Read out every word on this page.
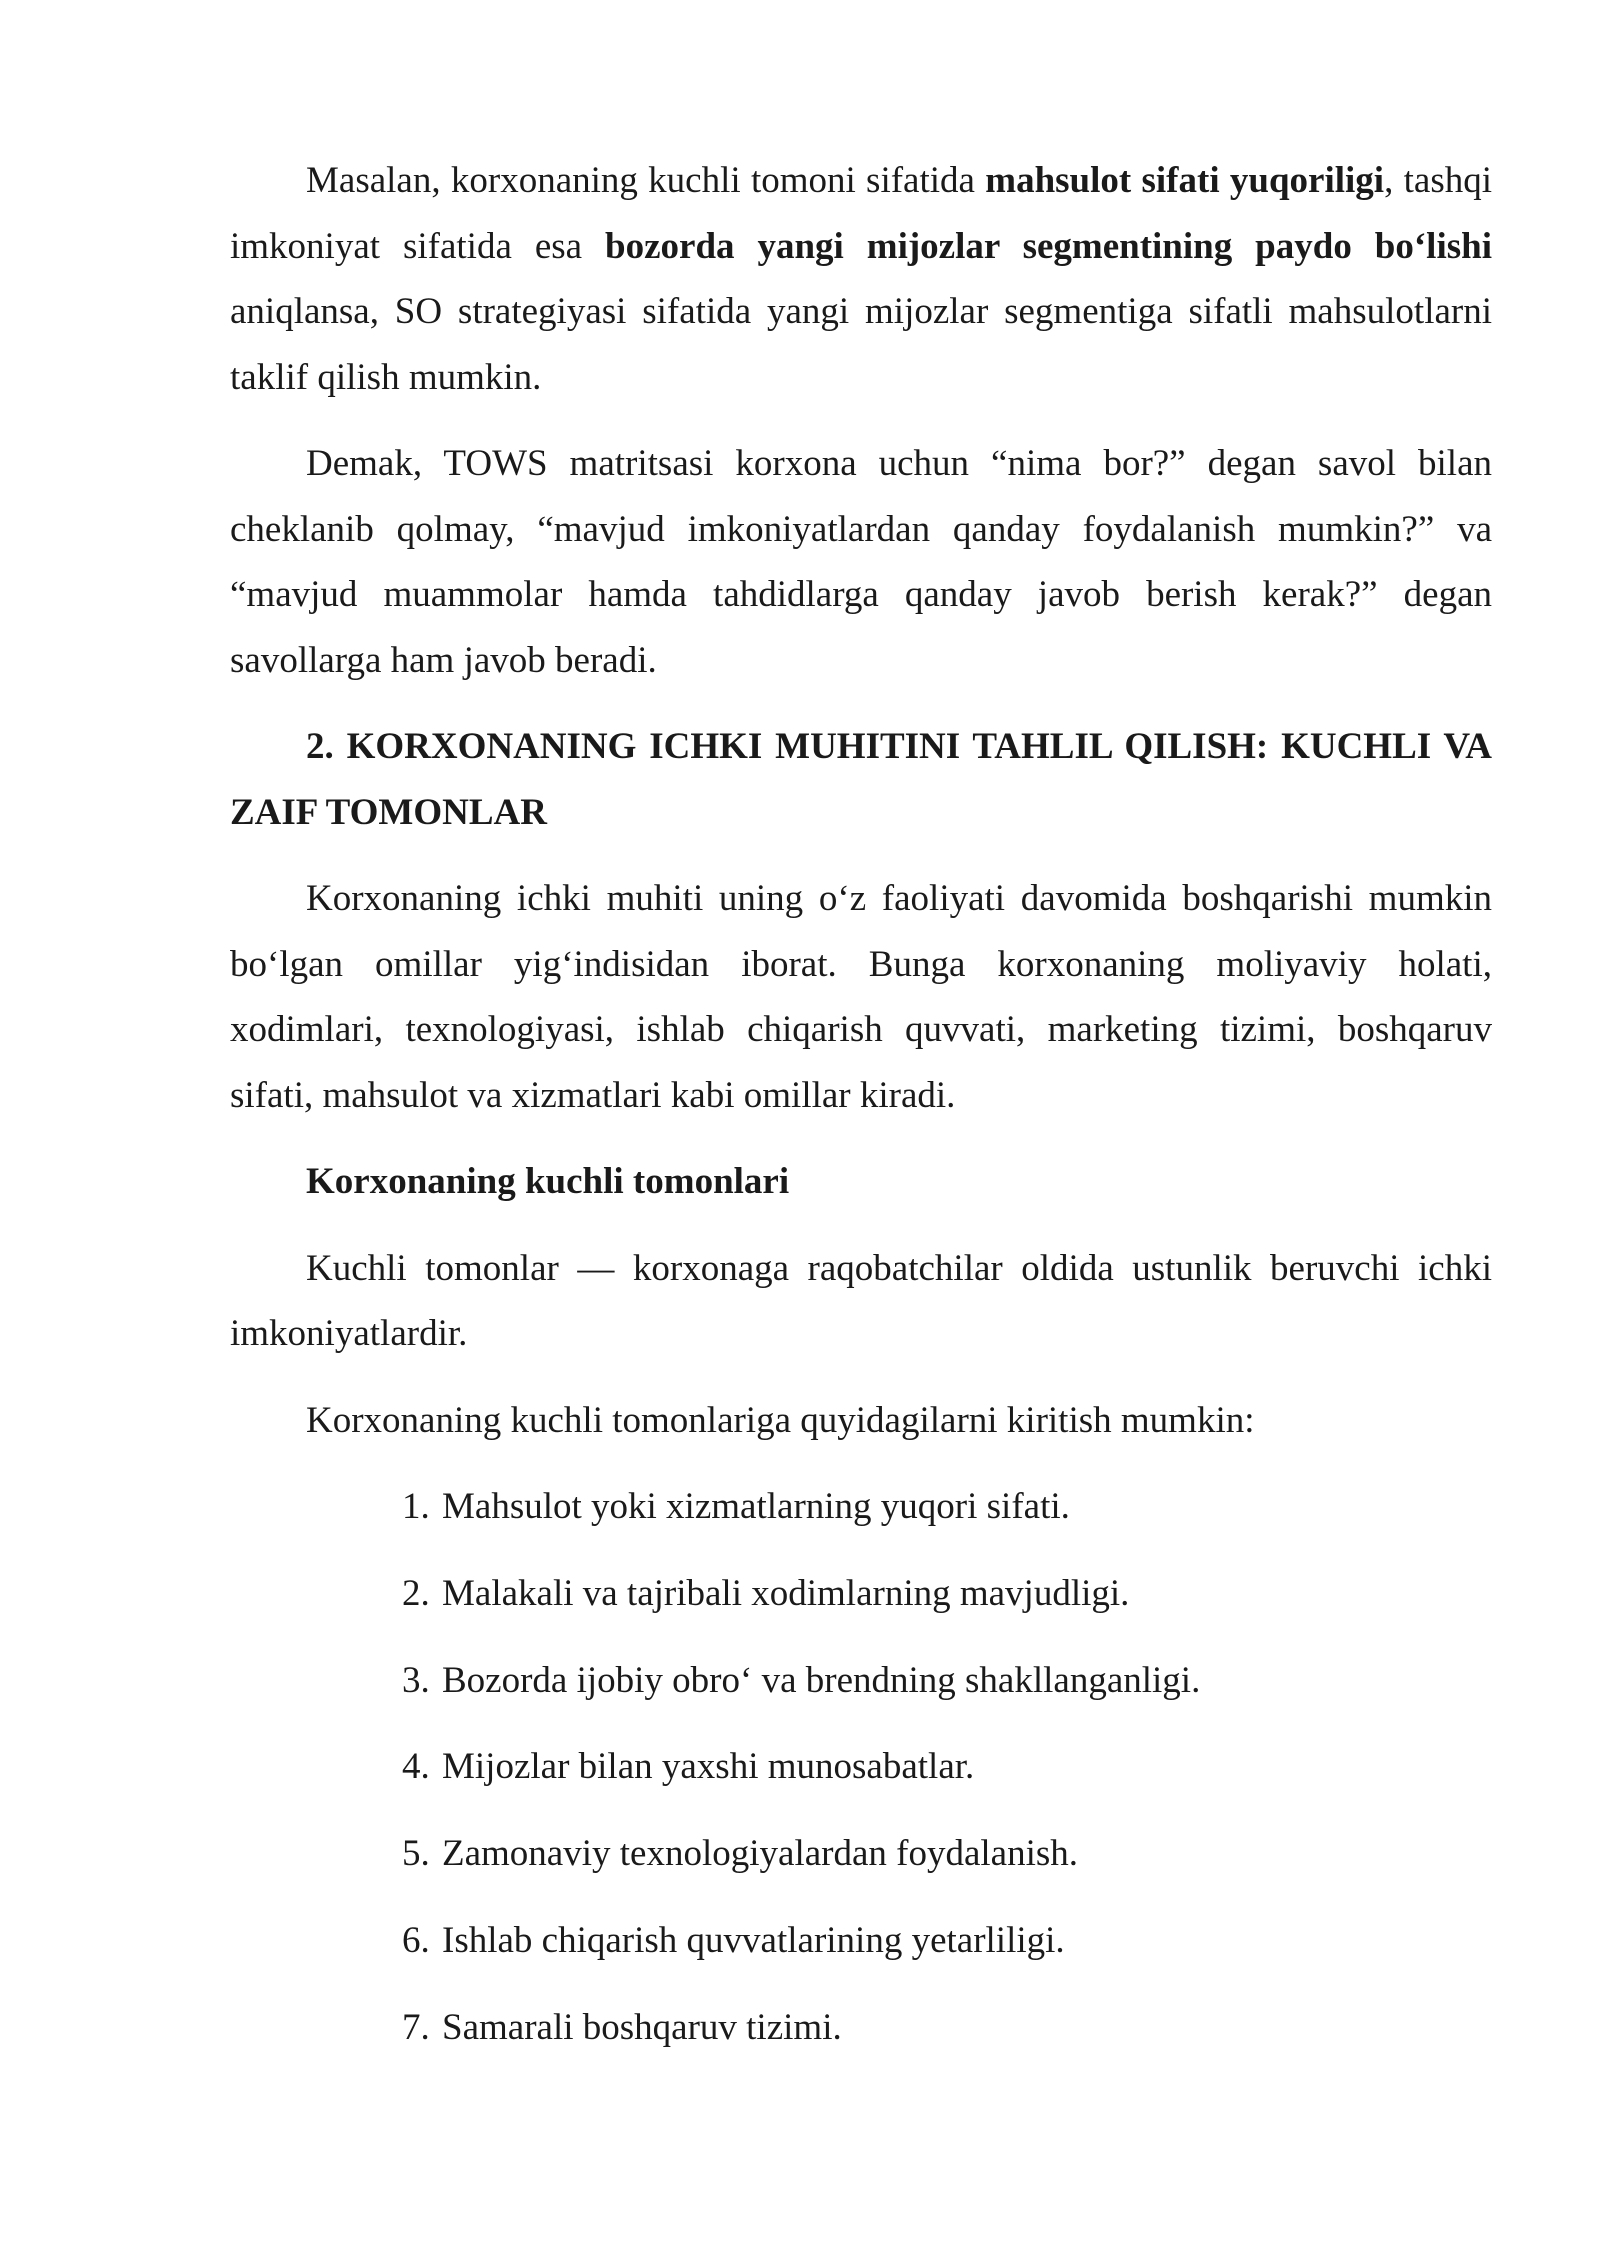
Masalan, korxonaning kuchli tomoni sifatida mahsulot sifati yuqoriligi, tashqi imkoniyat sifatida esa bozorda yangi mijozlar segmentining paydo bo‘lishi aniqlansa, SO strategiyasi sifatida yangi mijozlar segmentiga sifatli mahsulotlarni taklif qilish mumkin.

Demak, TOWS matritsasi korxona uchun “nima bor?” degan savol bilan cheklanib qolmay, “mavjud imkoniyatlardan qanday foydalanish mumkin?” va “mavjud muammolar hamda tahdidlarga qanday javob berish kerak?” degan savollarga ham javob beradi.

2. KORXONANING ICHKI MUHITINI TAHLIL QILISH: KUCHLI VA ZAIF TOMONLAR

Korxonaning ichki muhiti uning o‘z faoliyati davomida boshqarishi mumkin bo‘lgan omillar yig‘indisidan iborat. Bunga korxonaning moliyaviy holati, xodimlari, texnologiyasi, ishlab chiqarish quvvati, marketing tizimi, boshqaruv sifati, mahsulot va xizmatlari kabi omillar kiradi.

Korxonaning kuchli tomonlari

Kuchli tomonlar — korxonaga raqobatchilar oldida ustunlik beruvchi ichki imkoniyatlardir.

Korxonaning kuchli tomonlariga quyidagilarni kiritish mumkin:

1. Mahsulot yoki xizmatlarning yuqori sifati.
2. Malakali va tajribali xodimlarning mavjudligi.
3. Bozorda ijobiy obro‘ va brendning shakllanganligi.
4. Mijozlar bilan yaxshi munosabatlar.
5. Zamonaviy texnologiyalardan foydalanish.
6. Ishlab chiqarish quvvatlarining yetarliligi.
7. Samarali boshqaruv tizimi.
